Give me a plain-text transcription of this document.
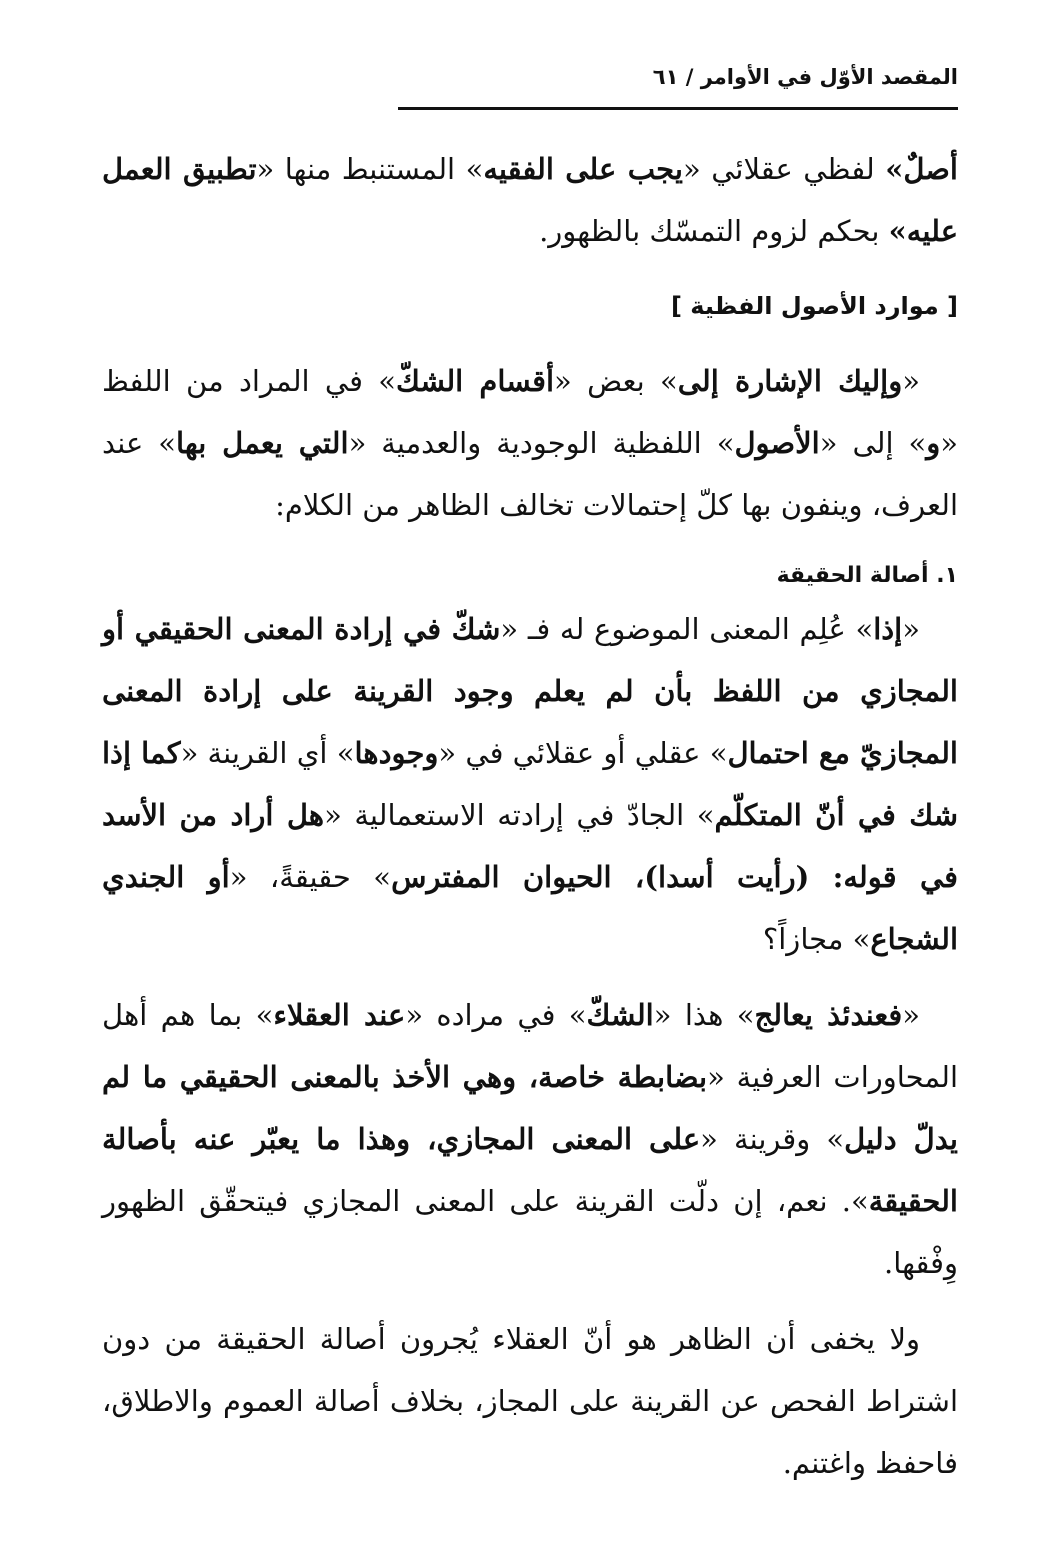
المقصد الأوّل في الأوامر / ٦١

أصلٌ» لفظي عقلائي «يجب على الفقيه» المستنبط منها «تطبيق العمل عليه» بحكم لزوم التمسّك بالظهور.

[ موارد الأصول الفظية ]

«وإليك الإشارة إلى» بعض «أقسام الشكّ» في المراد من اللفظ «و» إلى «الأصول» اللفظية الوجودية والعدمية «التي يعمل بها» عند العرف، وينفون بها كلّ إحتمالات تخالف الظاهر من الكلام:

١. أصالة الحقيقة

«إذا» عُلِم المعنى الموضوع له فـ «شكّ في إرادة المعنى الحقيقي أو المجازي من اللفظ بأن لم يعلم وجود القرينة على إرادة المعنى المجازيّ مع احتمال» عقلي أو عقلائي في «وجودها» أي القرينة «كما إذا شك في أنّ المتكلّم» الجادّ في إرادته الاستعمالية «هل أراد من الأسد في قوله: (رأيت أسدا)، الحيوان المفترس» حقيقةً، «أو الجندي الشجاع» مجازاً؟

«فعندئذ يعالج» هذا «الشكّ» في مراده «عند العقلاء» بما هم أهل المحاورات العرفية «بضابطة خاصة، وهي الأخذ بالمعنى الحقيقي ما لم يدلّ دليل» وقرينة «على المعنى المجازي، وهذا ما يعبّر عنه بأصالة الحقيقة». نعم، إن دلّت القرينة على المعنى المجازي فيتحقّق الظهور وِفْقها.

ولا يخفى أن الظاهر هو أنّ العقلاء يُجرون أصالة الحقيقة من دون اشتراط الفحص عن القرينة على المجاز، بخلاف أصالة العموم والاطلاق، فاحفظ واغتنم.
